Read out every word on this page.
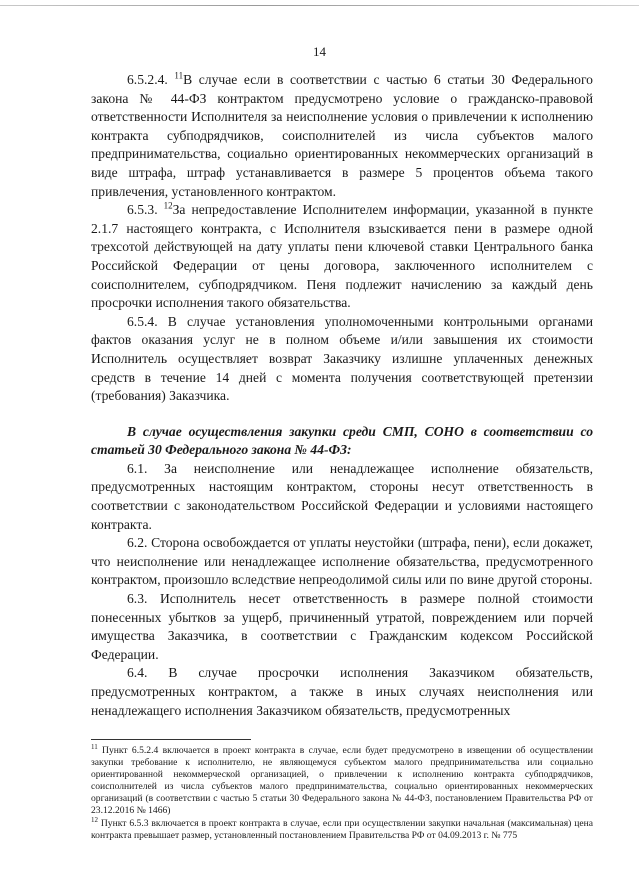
14

6.5.2.4. $^{11}$В случае если в соответствии с частью 6 статьи 30 Федерального закона № 44-ФЗ контрактом предусмотрено условие о гражданско-правовой ответственности Исполнителя за неисполнение условия о привлечении к исполнению контракта субподрядчиков, соисполнителей из числа субъектов малого предпринимательства, социально ориентированных некоммерческих организаций в виде штрафа, штраф устанавливается в размере 5 процентов объема такого привлечения, установленного контрактом.

6.5.3. $^{12}$За непредоставление Исполнителем информации, указанной в пункте 2.1.7 настоящего контракта, с Исполнителя взыскивается пени в размере одной трехсотой действующей на дату уплаты пени ключевой ставки Центрального банка Российской Федерации от цены договора, заключенного исполнителем с соисполнителем, субподрядчиком. Пеня подлежит начислению за каждый день просрочки исполнения такого обязательства.

6.5.4. В случае установления уполномоченными контрольными органами фактов оказания услуг не в полном объеме и/или завышения их стоимости Исполнитель осуществляет возврат Заказчику излишне уплаченных денежных средств в течение 14 дней с момента получения соответствующей претензии (требования) Заказчика.

В случае осуществления закупки среди СМП, СОНО в соответствии со статьей 30 Федерального закона № 44-ФЗ:

6.1. За неисполнение или ненадлежащее исполнение обязательств, предусмотренных настоящим контрактом, стороны несут ответственность в соответствии с законодательством Российской Федерации и условиями настоящего контракта.

6.2. Сторона освобождается от уплаты неустойки (штрафа, пени), если докажет, что неисполнение или ненадлежащее исполнение обязательства, предусмотренного контрактом, произошло вследствие непреодолимой силы или по вине другой стороны.

6.3. Исполнитель несет ответственность в размере полной стоимости понесенных убытков за ущерб, причиненный утратой, повреждением или порчей имущества Заказчика, в соответствии с Гражданским кодексом Российской Федерации.

6.4. В случае просрочки исполнения Заказчиком обязательств, предусмотренных контрактом, а также в иных случаях неисполнения или ненадлежащего исполнения Заказчиком обязательств, предусмотренных

$^{11}$ Пункт 6.5.2.4 включается в проект контракта в случае, если будет предусмотрено в извещении об осуществлении закупки требование к исполнителю, не являющемуся субъектом малого предпринимательства или социально ориентированной некоммерческой организацией, о привлечении к исполнению контракта субподрядчиков, соисполнителей из числа субъектов малого предпринимательства, социально ориентированных некоммерческих организаций (в соответствии с частью 5 статьи 30 Федерального закона № 44-ФЗ, постановлением Правительства РФ от 23.12.2016 № 1466)

$^{12}$ Пункт 6.5.3 включается в проект контракта в случае, если при осуществлении закупки начальная (максимальная) цена контракта превышает размер, установленный постановлением Правительства РФ от 04.09.2013 г. № 775
